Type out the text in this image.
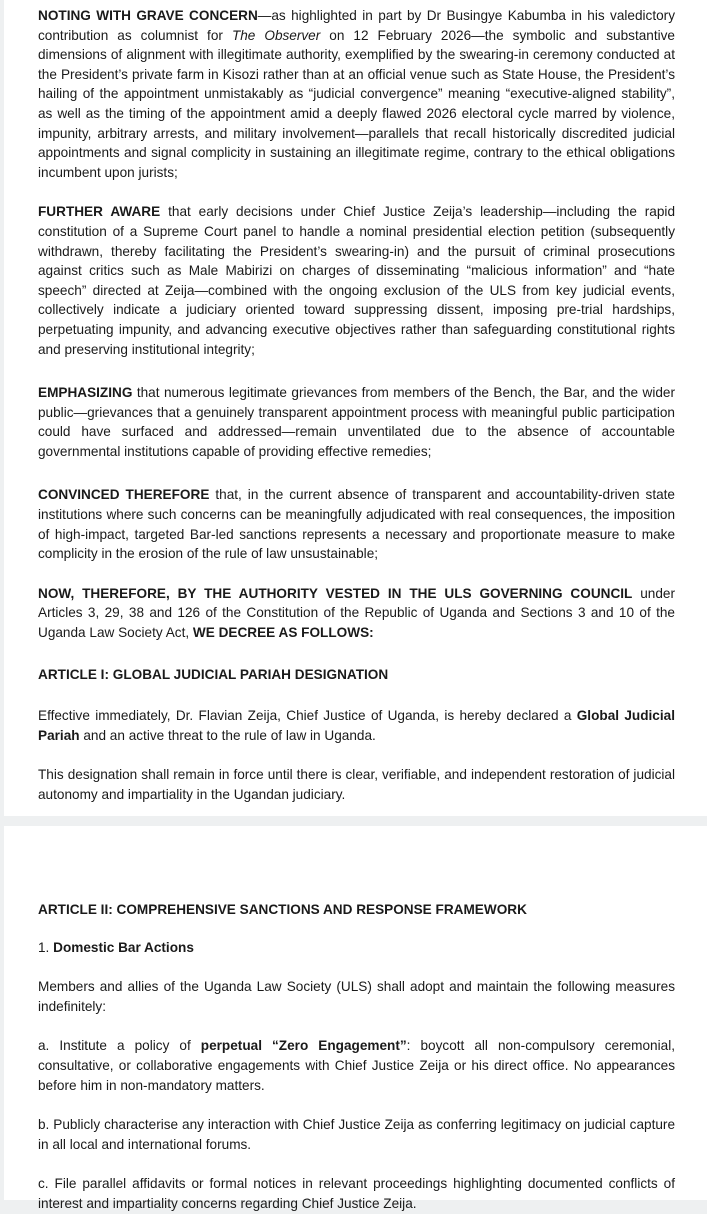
NOTING WITH GRAVE CONCERN—as highlighted in part by Dr Busingye Kabumba in his valedictory contribution as columnist for The Observer on 12 February 2026—the symbolic and substantive dimensions of alignment with illegitimate authority, exemplified by the swearing-in ceremony conducted at the President’s private farm in Kisozi rather than at an official venue such as State House, the President’s hailing of the appointment unmistakably as “judicial convergence” meaning “executive-aligned stability”, as well as the timing of the appointment amid a deeply flawed 2026 electoral cycle marred by violence, impunity, arbitrary arrests, and military involvement—parallels that recall historically discredited judicial appointments and signal complicity in sustaining an illegitimate regime, contrary to the ethical obligations incumbent upon jurists;

FURTHER AWARE that early decisions under Chief Justice Zeija’s leadership—including the rapid constitution of a Supreme Court panel to handle a nominal presidential election petition (subsequently withdrawn, thereby facilitating the President’s swearing-in) and the pursuit of criminal prosecutions against critics such as Male Mabirizi on charges of disseminating “malicious information” and “hate speech” directed at Zeija—combined with the ongoing exclusion of the ULS from key judicial events, collectively indicate a judiciary oriented toward suppressing dissent, imposing pre-trial hardships, perpetuating impunity, and advancing executive objectives rather than safeguarding constitutional rights and preserving institutional integrity;

EMPHASIZING that numerous legitimate grievances from members of the Bench, the Bar, and the wider public—grievances that a genuinely transparent appointment process with meaningful public participation could have surfaced and addressed—remain unventilated due to the absence of accountable governmental institutions capable of providing effective remedies;

CONVINCED THEREFORE that, in the current absence of transparent and accountability-driven state institutions where such concerns can be meaningfully adjudicated with real consequences, the imposition of high-impact, targeted Bar-led sanctions represents a necessary and proportionate measure to make complicity in the erosion of the rule of law unsustainable;

NOW, THEREFORE, BY THE AUTHORITY VESTED IN THE ULS GOVERNING COUNCIL under Articles 3, 29, 38 and 126 of the Constitution of the Republic of Uganda and Sections 3 and 10 of the Uganda Law Society Act, WE DECREE AS FOLLOWS:

ARTICLE I: GLOBAL JUDICIAL PARIAH DESIGNATION

Effective immediately, Dr. Flavian Zeija, Chief Justice of Uganda, is hereby declared a Global Judicial Pariah and an active threat to the rule of law in Uganda.

This designation shall remain in force until there is clear, verifiable, and independent restoration of judicial autonomy and impartiality in the Ugandan judiciary.

ARTICLE II: COMPREHENSIVE SANCTIONS AND RESPONSE FRAMEWORK

1. Domestic Bar Actions

Members and allies of the Uganda Law Society (ULS) shall adopt and maintain the following measures indefinitely:

a. Institute a policy of perpetual “Zero Engagement”: boycott all non-compulsory ceremonial, consultative, or collaborative engagements with Chief Justice Zeija or his direct office. No appearances before him in non-mandatory matters.

b. Publicly characterise any interaction with Chief Justice Zeija as conferring legitimacy on judicial capture in all local and international forums.

c. File parallel affidavits or formal notices in relevant proceedings highlighting documented conflicts of interest and impartiality concerns regarding Chief Justice Zeija.
